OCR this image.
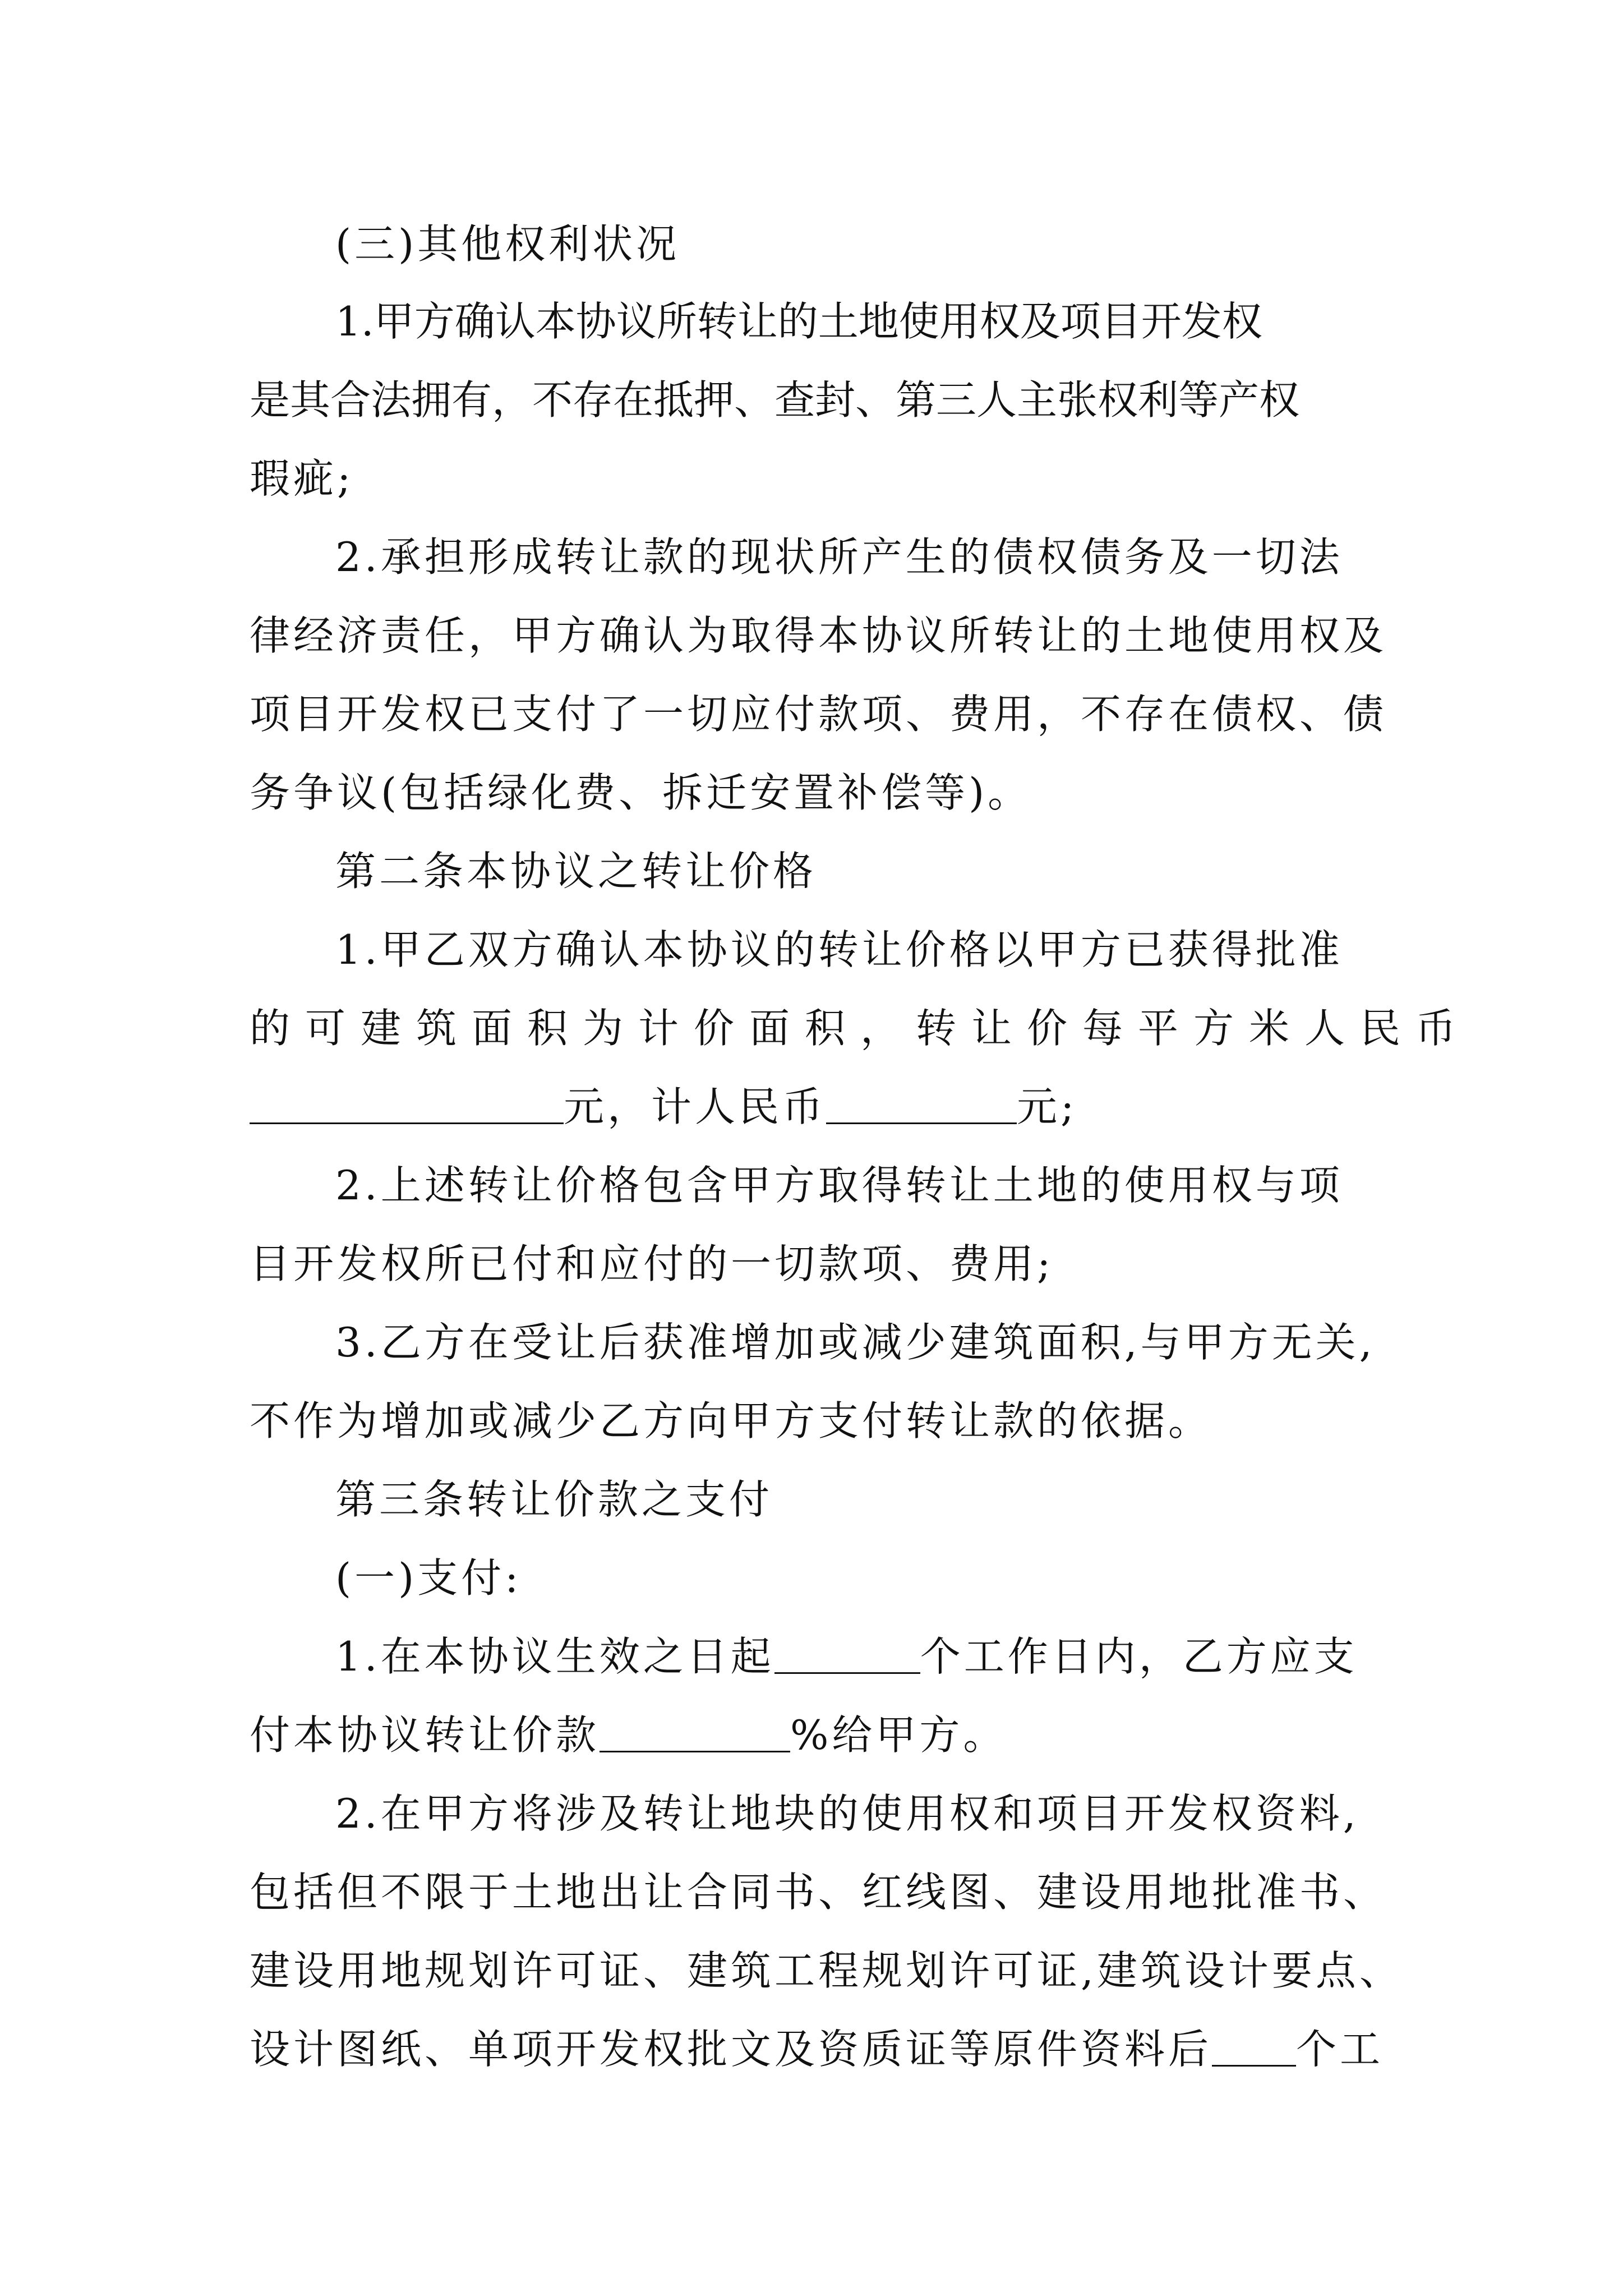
(三)其他权利状况
1.甲方确认本协议所转让的土地使用权及项目开发权
是其合法拥有，不存在抵押、查封、第三人主张权利等产权
瑕疵;
2.承担形成转让款的现状所产生的债权债务及一切法
律经济责任，甲方确认为取得本协议所转让的土地使用权及
项目开发权已支付了一切应付款项、费用，不存在债权、债
务争议(包括绿化费、拆迁安置补偿等)。
第二条本协议之转让价格
1.甲乙双方确认本协议的转让价格以甲方已获得批准
的可建筑面积为计价面积，转让价每平方米人民币
元，计人民币	元;
2.上述转让价格包含甲方取得转让土地的使用权与项
目开发权所已付和应付的一切款项、费用;
3.乙方在受让后获准增加或减少建筑面积,与甲方无关,
不作为增加或减少乙方向甲方支付转让款的依据。
第三条转让价款之支付
(一)支付:
1.在本协议生效之日起	个工作日内，乙方应支
付本协议转让价款	%给甲方。
2.在甲方将涉及转让地块的使用权和项目开发权资料,
包括但不限于土地出让合同书、红线图、建设用地批准书、
建设用地规划许可证、建筑工程规划许可证,建筑设计要点、
设计图纸、单项开发权批文及资质证等原件资料后 个工
